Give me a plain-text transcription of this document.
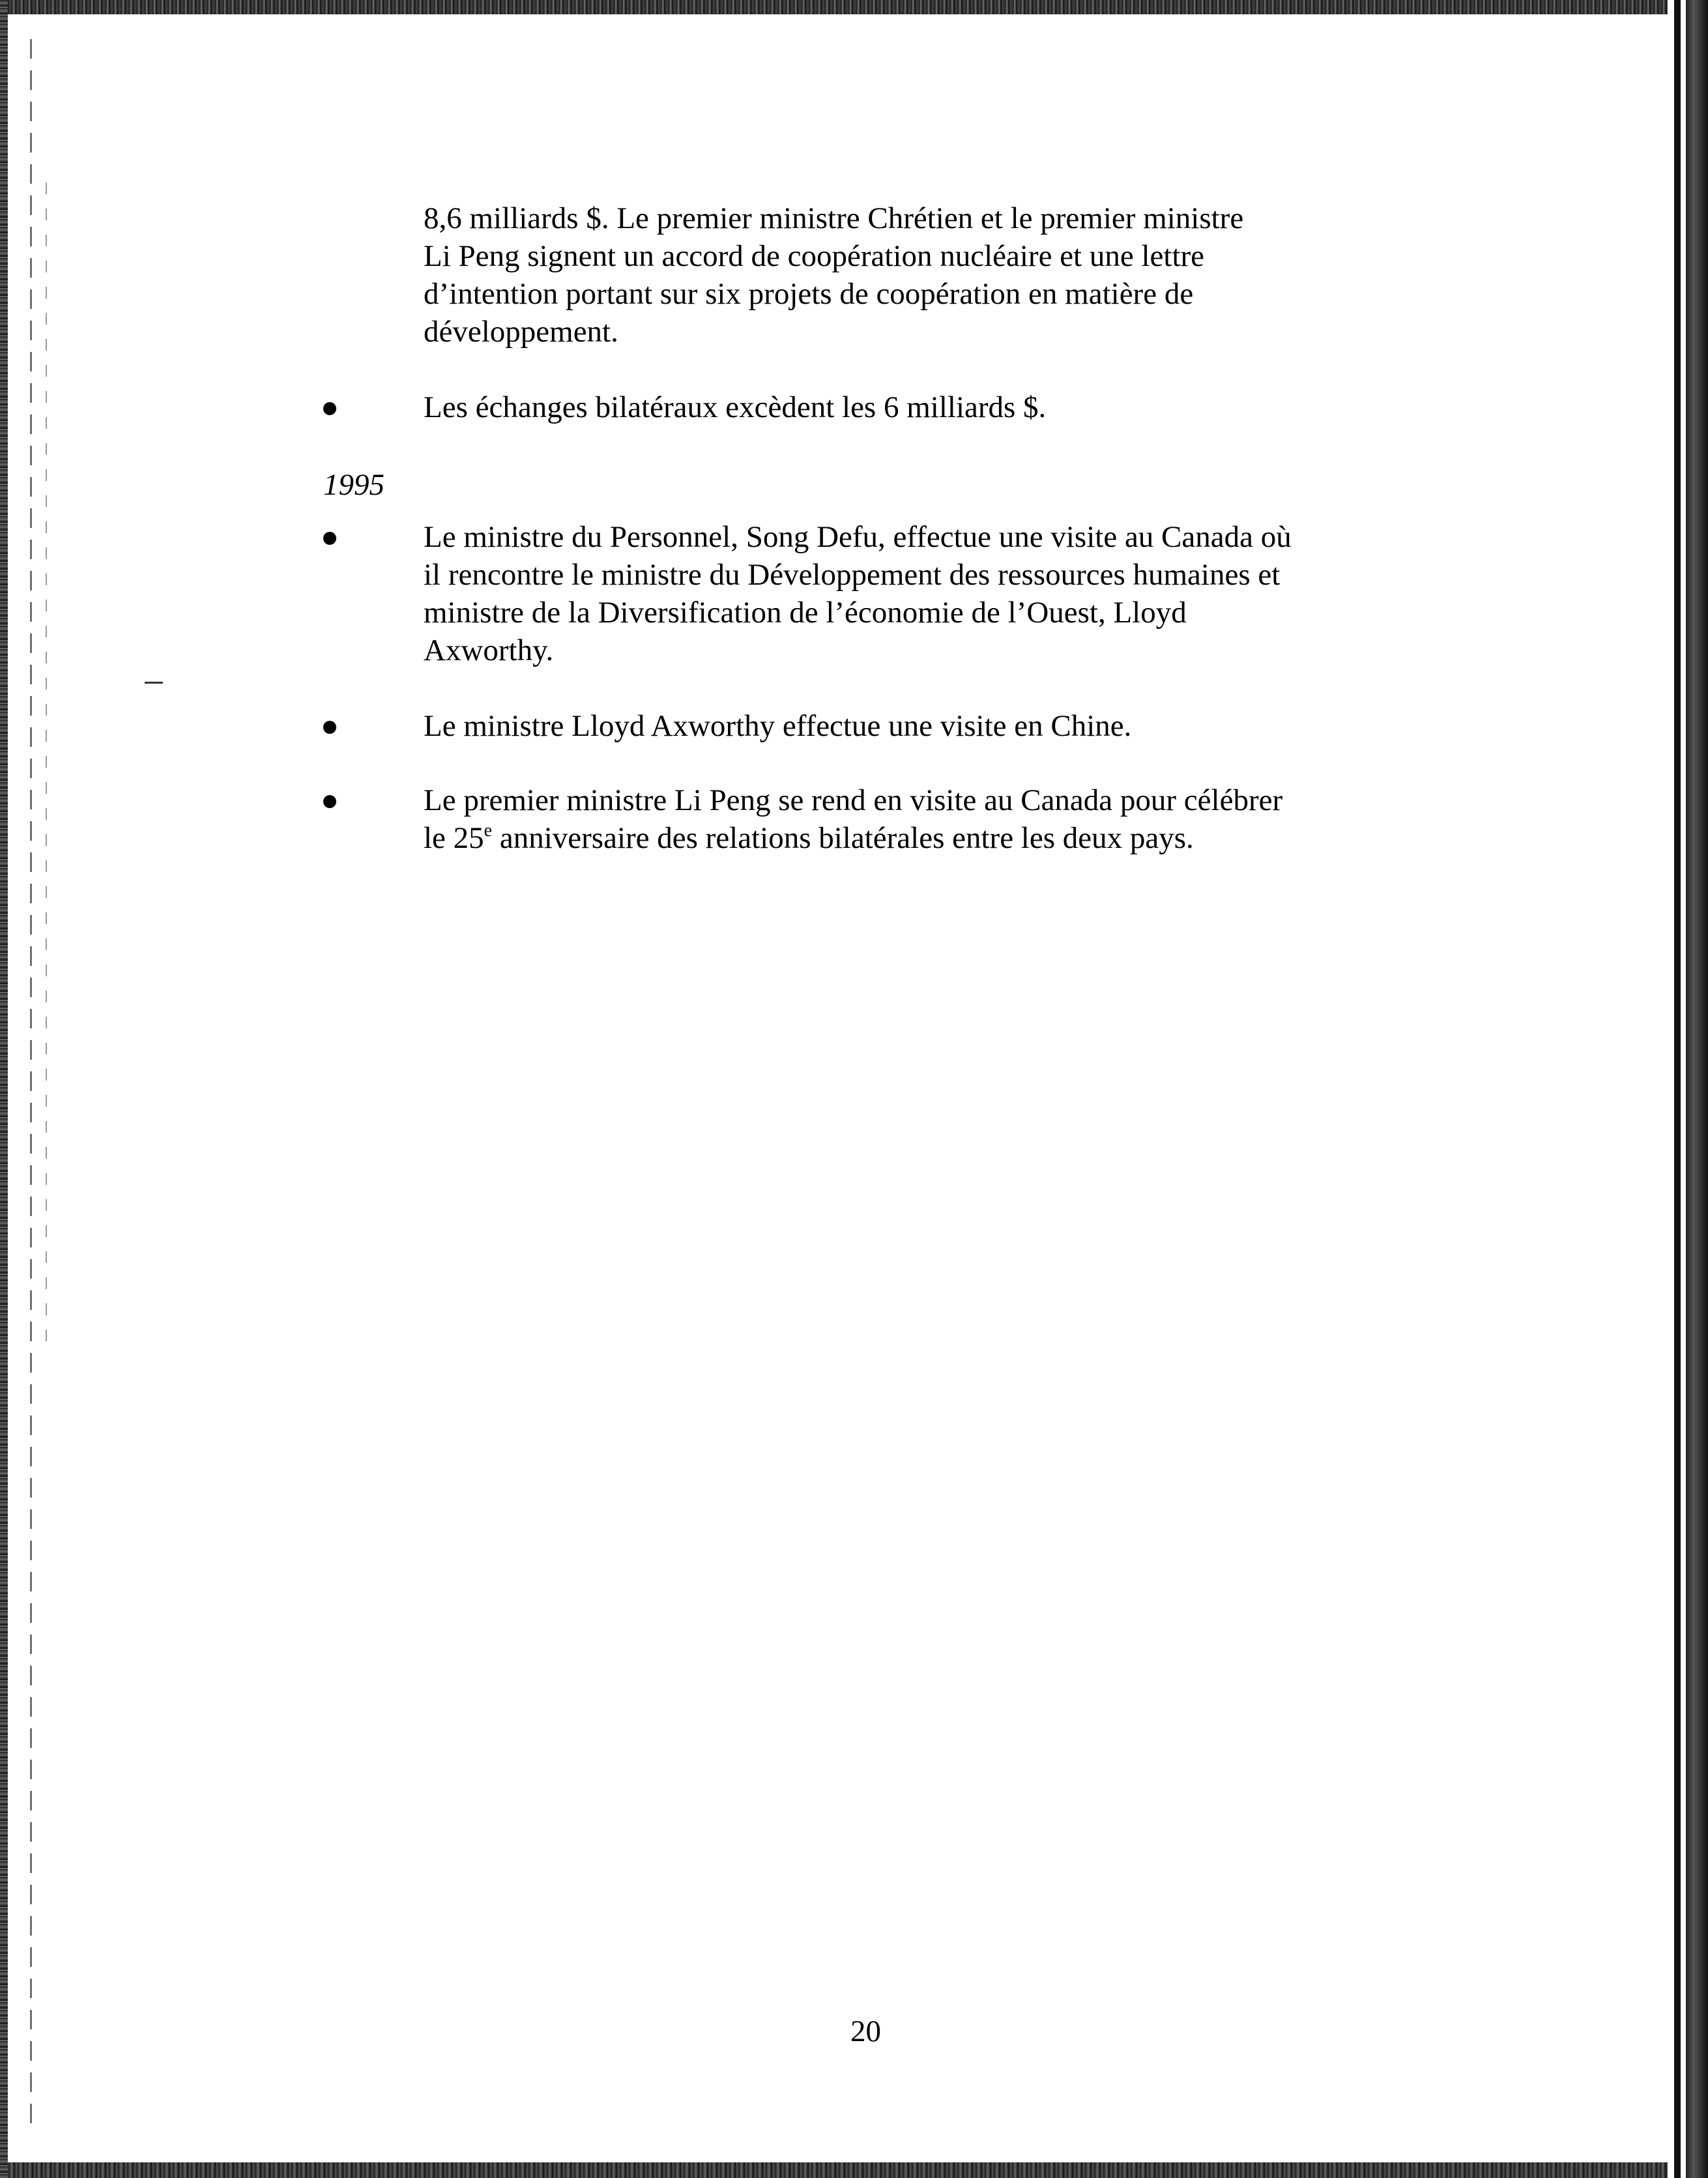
8,6 milliards $. Le premier ministre Chrétien et le premier ministre
Li Peng signent un accord de coopération nucléaire et une lettre
d’intention portant sur six projets de coopération en matière de
développement.
Les échanges bilatéraux excèdent les 6 milliards $.
1995
Le ministre du Personnel, Song Defu, effectue une visite au Canada où
il rencontre le ministre du Développement des ressources humaines et
ministre de la Diversification de l’économie de l’Ouest, Lloyd
Axworthy.
Le ministre Lloyd Axworthy effectue une visite en Chine.
Le premier ministre Li Peng se rend en visite au Canada pour célébrer
le 25e anniversaire des relations bilatérales entre les deux pays.
20
